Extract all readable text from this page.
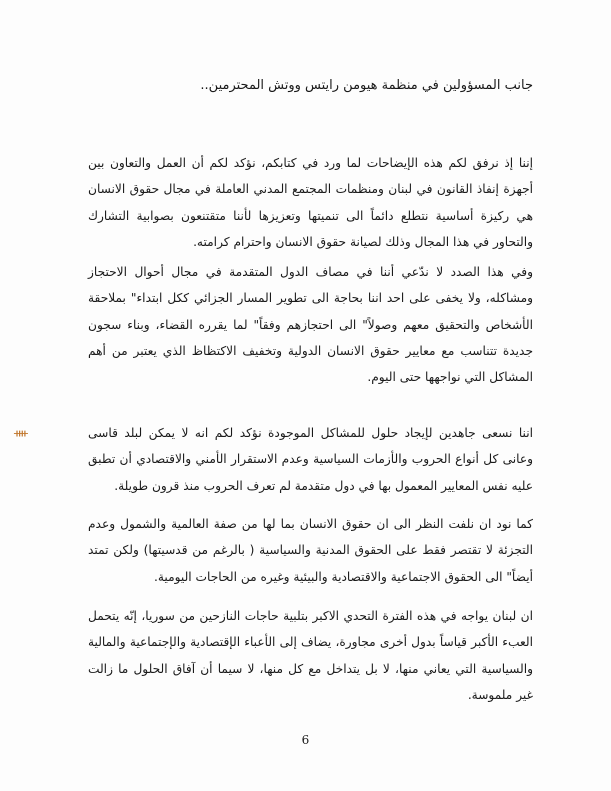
جانب المسؤولين في منظمة هيومن رايتس ووتش المحترمين..
إننا إذ نرفق لكم هذه الإيضاحات لما ورد في كتابكم، نؤكد لكم أن العمل والتعاون بين أجهزة إنفاذ القانون في لبنان ومنظمات المجتمع المدني العاملة في مجال حقوق الانسان هي ركيزة أساسية نتطلع دائماً الى تنميتها وتعزيزها لأننا متقتنعون بصوابية التشارك والتحاور في هذا المجال وذلك لصيانة حقوق الانسان واحترام كرامته.
وفي هذا الصدد لا ندّعي أننا في مصاف الدول المتقدمة في مجال أحوال الاحتجاز ومشاكله، ولا يخفى على احد اننا بحاجة الى تطوير المسار الجزائي ككل ابتداء" بملاحقة الأشخاص والتحقيق معهم وصولاً" الى احتجازهم وفقاً" لما يقرره القضاء، وبناء سجون جديدة تتناسب مع معايير حقوق الانسان الدولية وتخفيف الاكتظاظ الذي يعتبر من أهم المشاكل التي نواجهها حتى اليوم.
اننا نسعى جاهدين لإيجاد حلول للمشاكل الموجودة نؤكد لكم انه لا يمكن لبلد قاسى وعانى كل أنواع الحروب والأزمات السياسية وعدم الاستقرار الأمني والاقتصادي أن تطبق عليه نفس المعايير المعمول بها في دول متقدمة لم تعرف الحروب منذ قرون طويلة.
كما نود ان نلفت النظر الى ان حقوق الانسان بما لها من صفة العالمية والشمول وعدم التجزئة لا تقتصر فقط على الحقوق المدنية والسياسية ( بالرغم من قدسيتها) ولكن تمتد أيضاً" الى الحقوق الاجتماعية والاقتصادية والبيئية وغيره من الحاجات اليومية.
ان لبنان يواجه في هذه الفترة التحدي الاكبر بتلبية حاجات النازحين من سوريا، إنّه يتحمل العبء الأكبر قياساً بدول أخرى مجاورة، يضاف إلى الأعباء الإقتصادية والإجتماعية والمالية والسياسية التي يعاني منها، لا بل يتداخل مع كل منها، لا سيما أن آفاق الحلول ما زالت غير ملموسة.
ᚓ
6
